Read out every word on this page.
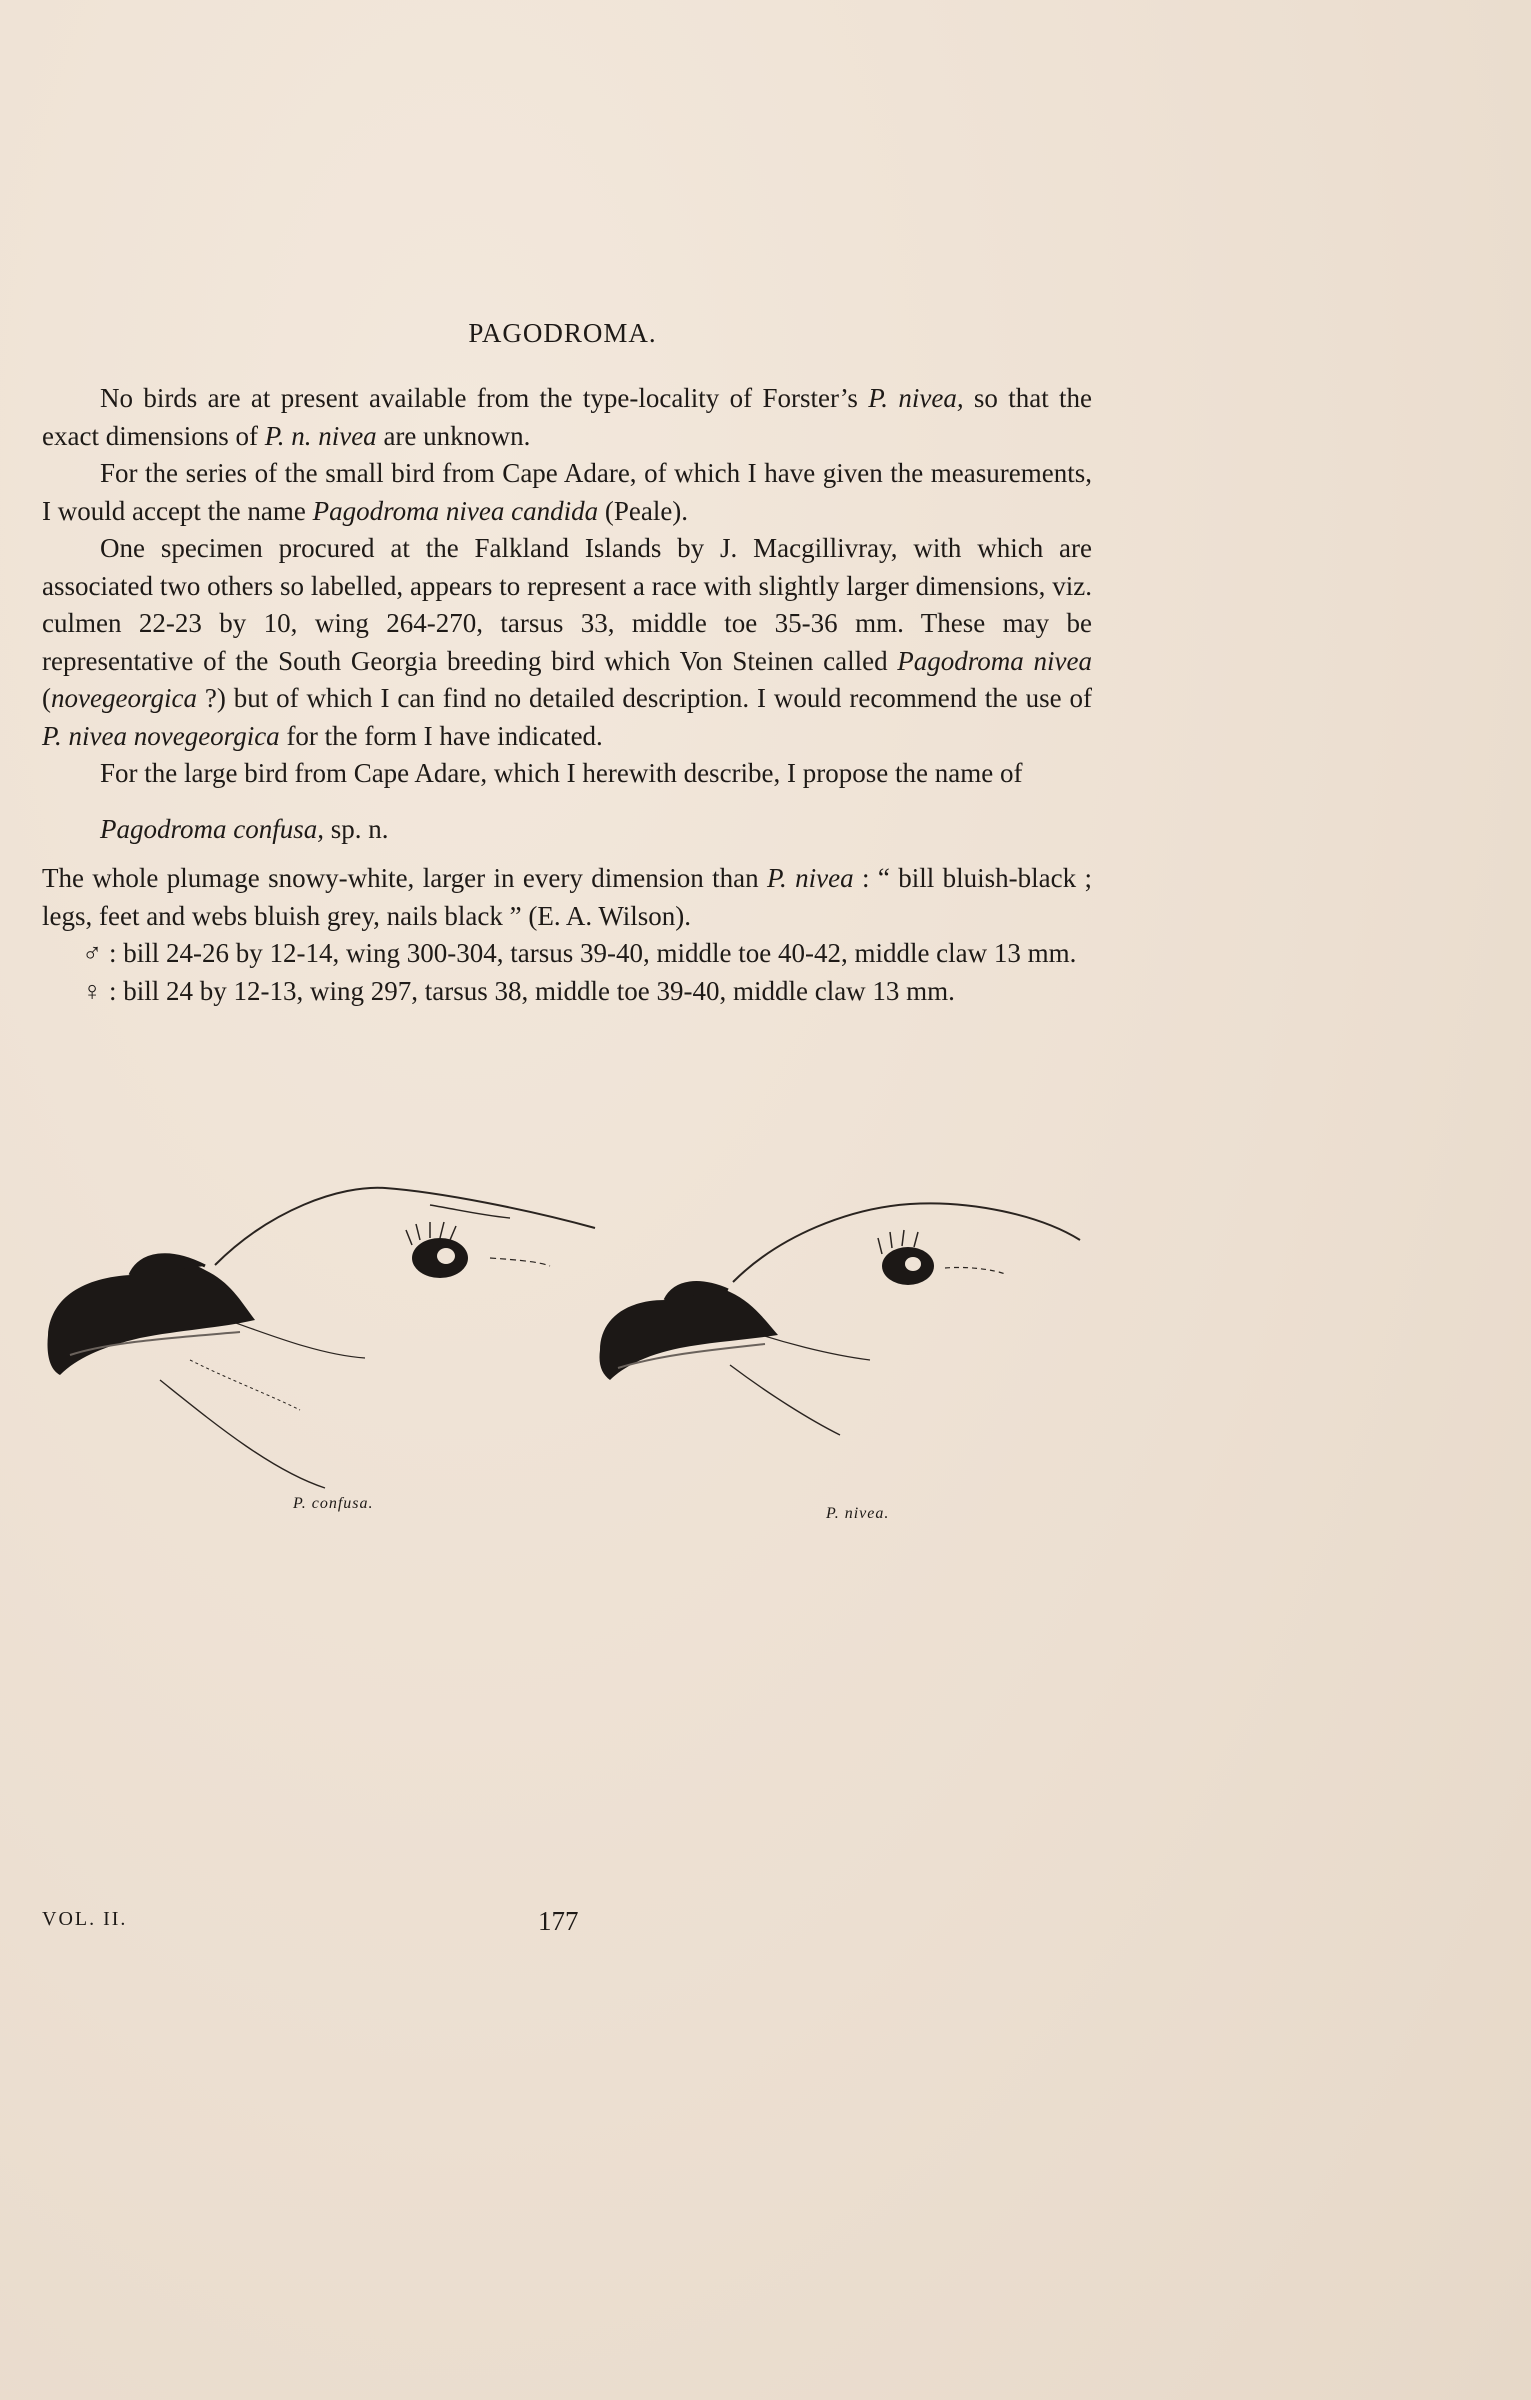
PAGODROMA.

No birds are at present available from the type-locality of Forster’s P. nivea, so that the exact dimensions of P. n. nivea are unknown.

For the series of the small bird from Cape Adare, of which I have given the measurements, I would accept the name Pagodroma nivea candida (Peale).

One specimen procured at the Falkland Islands by J. Macgillivray, with which are associated two others so labelled, appears to represent a race with slightly larger dimensions, viz. culmen 22-23 by 10, wing 264-270, tarsus 33, middle toe 35-36 mm. These may be representative of the South Georgia breeding bird which Von Steinen called Pagodroma nivea (novegeorgica ?) but of which I can find no detailed description. I would recommend the use of P. nivea novegeorgica for the form I have indicated.

For the large bird from Cape Adare, which I herewith describe, I propose the name of

Pagodroma confusa, sp. n.

The whole plumage snowy-white, larger in every dimension than P. nivea : “ bill bluish-black ; legs, feet and webs bluish grey, nails black ” (E. A. Wilson).

♂ : bill 24-26 by 12-14, wing 300-304, tarsus 39-40, middle toe 40-42, middle claw 13 mm.

♀ : bill 24 by 12-13, wing 297, tarsus 38, middle toe 39-40, middle claw 13 mm.

P. confusa.
P. nivea.
VOL. II.	177
